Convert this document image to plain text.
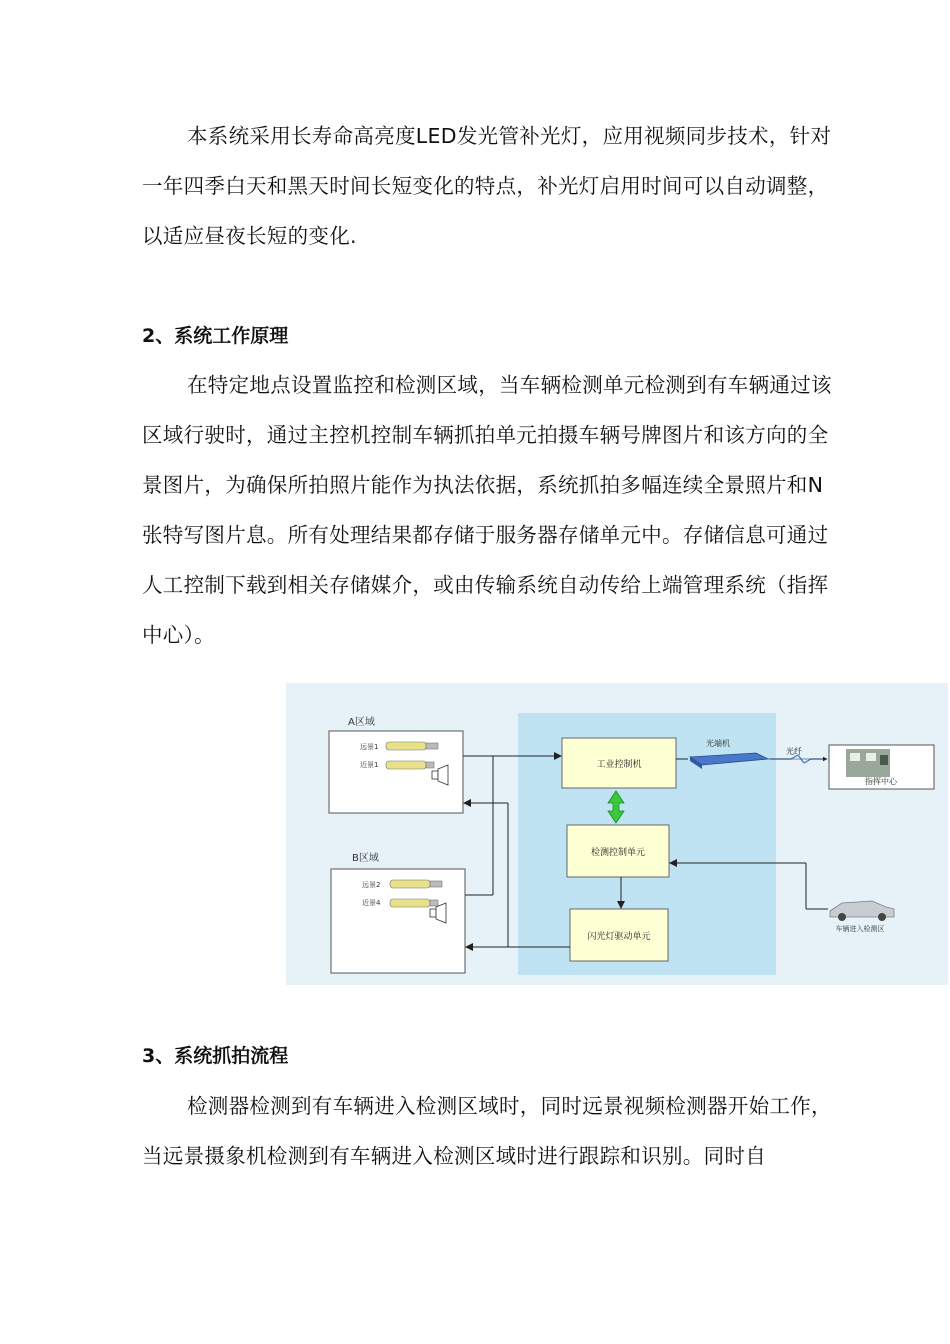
本系统采用长寿命高亮度LED发光管补光灯，应用视频同步技术，针对一年四季白天和黑天时间长短变化的特点，补光灯启用时间可以自动调整，以适应昼夜长短的变化.

2、系统工作原理

在特定地点设置监控和检测区域，当车辆检测单元检测到有车辆通过该区域行驶时，通过主控机控制车辆抓拍单元拍摄车辆号牌图片和该方向的全景图片，为确保所拍照片能作为执法依据，系统抓拍多幅连续全景照片和N张特写图片息。所有处理结果都存储于服务器存储单元中。存储信息可通过人工控制下载到相关存储媒介，或由传输系统自动传给上端管理系统（指挥中心）。

A区域
远景1
近景1
B区域
远景2
近景4
工业控制机
检测控制单元
闪光灯驱动单元
光端机
光纤
指挥中心
车辆进入检测区
3、系统抓拍流程

检测器检测到有车辆进入检测区域时，同时远景视频检测器开始工作，当远景摄象机检测到有车辆进入检测区域时进行跟踪和识别。同时自
